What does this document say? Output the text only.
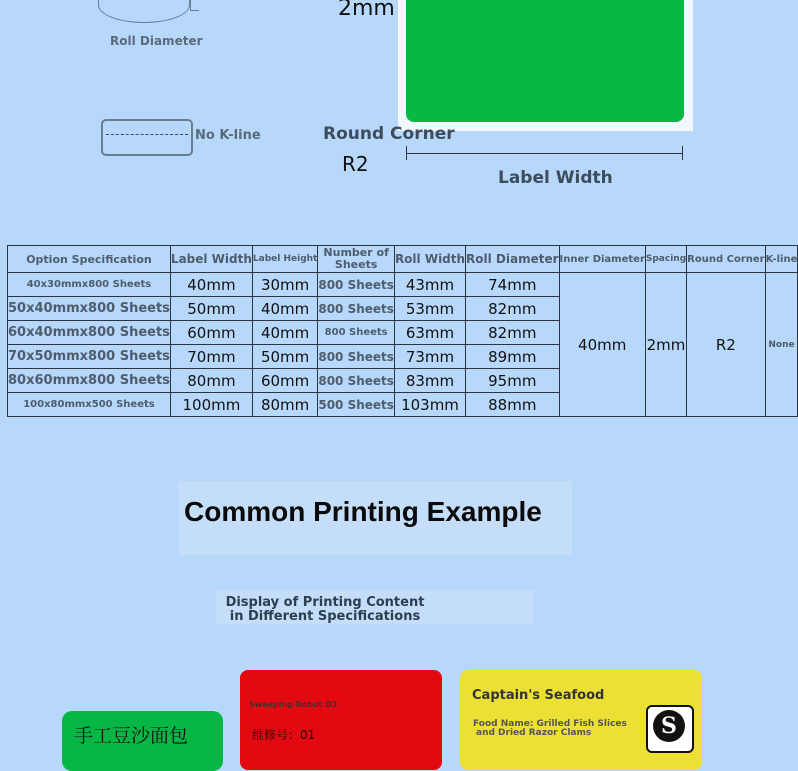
Roll Diameter
2mm
No K-line	Round Corner
R2
Label Width
Option Specification	Label Width	Label Height	Number of Sheets	Roll Width	Roll Diameter	Inner Diameter	Spacing	Round Corner	K-line
40x30mmx800 Sheets	40mm	30mm	800 Sheets	43mm	74mm	40mm	2mm	R2	None
50x40mmx800 Sheets	50mm	40mm	800 Sheets	53mm	82mm				
60x40mmx800 Sheets	60mm	40mm	800 Sheets	63mm	82mm				
70x50mmx800 Sheets	70mm	50mm	800 Sheets	73mm	89mm				
80x60mmx800 Sheets	80mm	60mm	800 Sheets	83mm	95mm				
100x80mmx500 Sheets	100mm	80mm	500 Sheets	103mm	88mm				
Common Printing Example
Display of Printing Content
in Different Specifications
手工豆沙面包
Sweeping Robot D3
维修号：01
Captain's Seafood
Food Name: Grilled Fish Slices
and Dried Razor Clams	S
